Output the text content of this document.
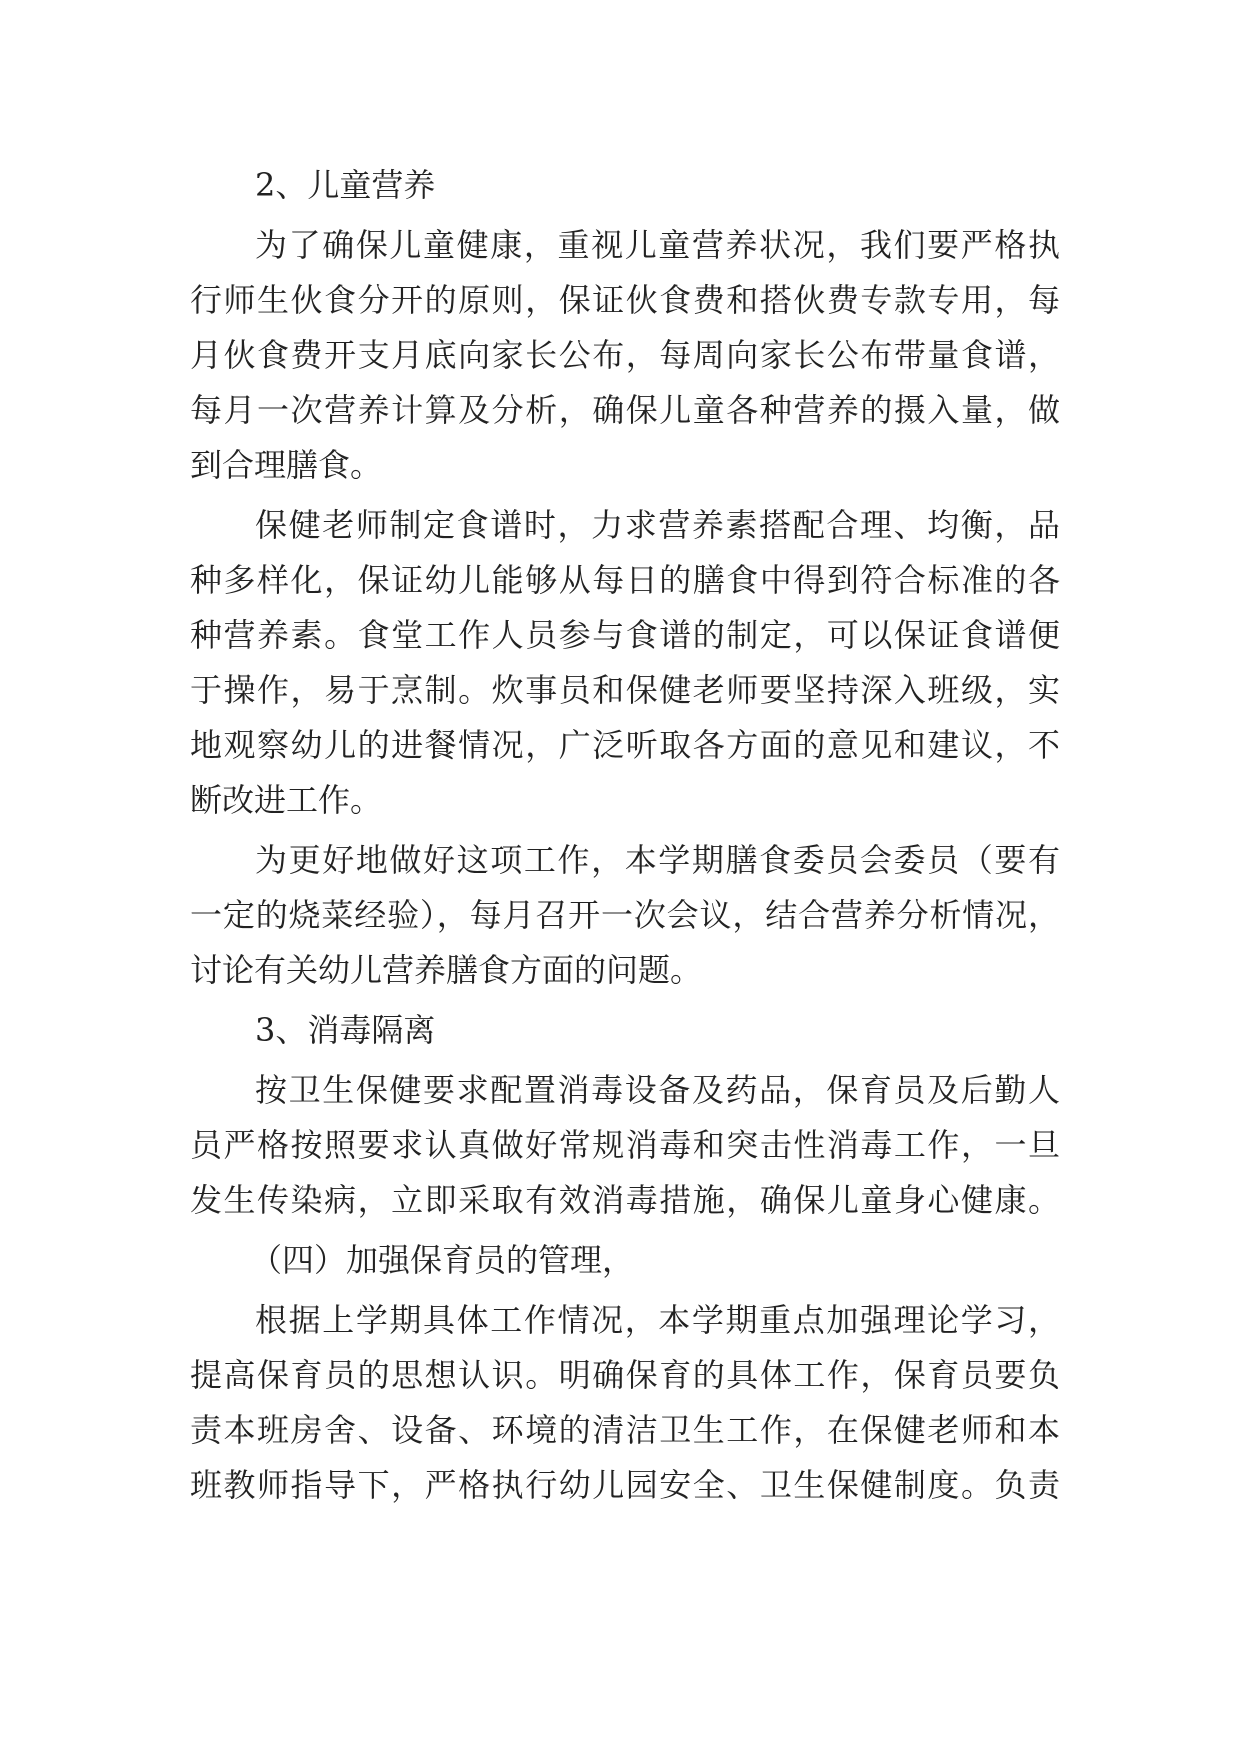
2、儿童营养
为了确保儿童健康，重视儿童营养状况，我们要严格执
行师生伙食分开的原则，保证伙食费和搭伙费专款专用，每
月伙食费开支月底向家长公布，每周向家长公布带量食谱，
每月一次营养计算及分析，确保儿童各种营养的摄入量，做
到合理膳食。
保健老师制定食谱时，力求营养素搭配合理、均衡，品
种多样化，保证幼儿能够从每日的膳食中得到符合标准的各
种营养素。食堂工作人员参与食谱的制定，可以保证食谱便
于操作，易于烹制。炊事员和保健老师要坚持深入班级，实
地观察幼儿的进餐情况，广泛听取各方面的意见和建议，不
断改进工作。
为更好地做好这项工作，本学期膳食委员会委员（要有
一定的烧菜经验），每月召开一次会议，结合营养分析情况，
讨论有关幼儿营养膳食方面的问题。
3、消毒隔离
按卫生保健要求配置消毒设备及药品，保育员及后勤人
员严格按照要求认真做好常规消毒和突击性消毒工作，一旦
发生传染病，立即采取有效消毒措施，确保儿童身心健康。
（四）加强保育员的管理，
根据上学期具体工作情况，本学期重点加强理论学习，
提高保育员的思想认识。明确保育的具体工作，保育员要负
责本班房舍、设备、环境的清洁卫生工作，在保健老师和本
班教师指导下，严格执行幼儿园安全、卫生保健制度。负责
